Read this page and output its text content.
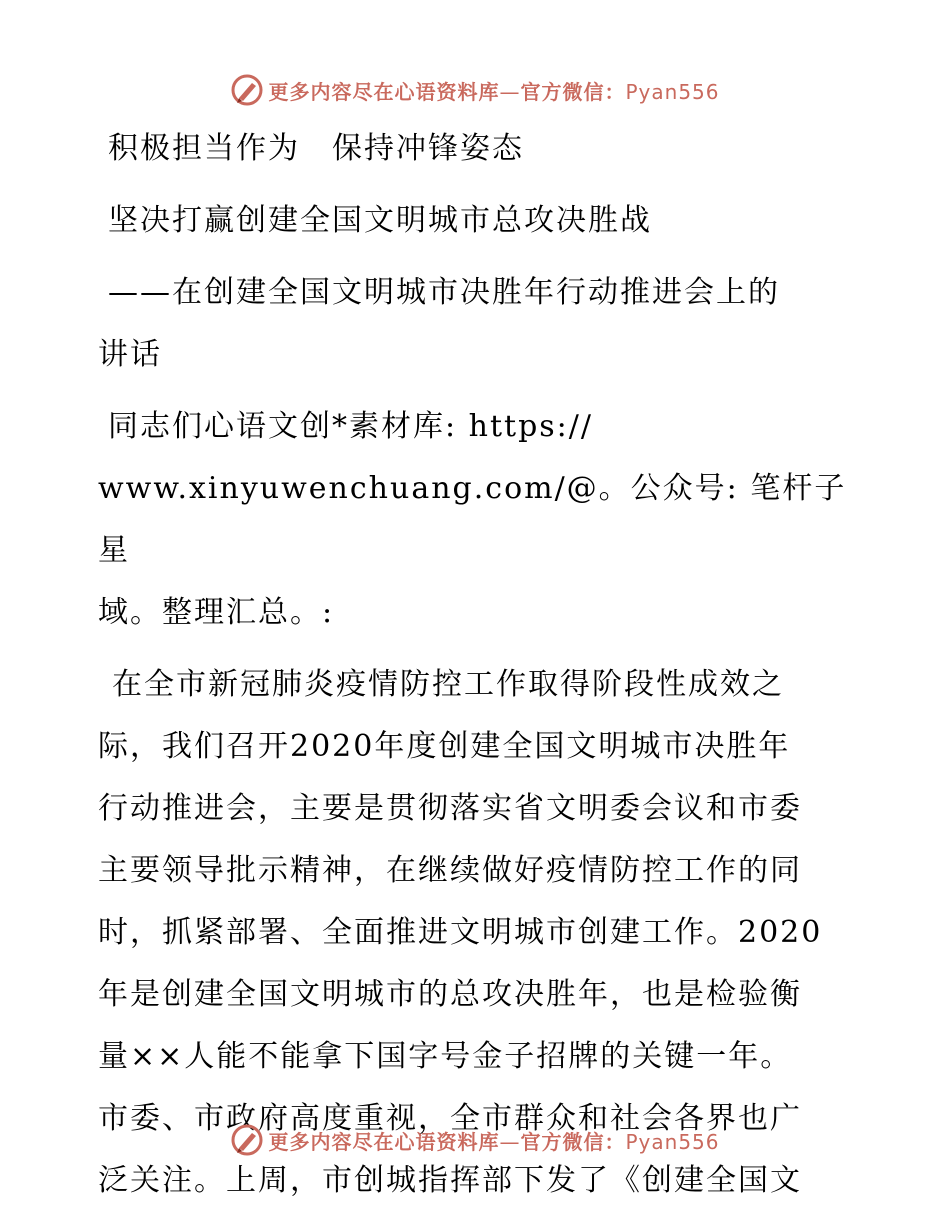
更多内容尽在心语资料库—官方微信：Pyan556

积极担当作为　保持冲锋姿态

坚决打赢创建全国文明城市总攻决胜战

——在创建全国文明城市决胜年行动推进会上的

讲话

同志们心语文创*素材库: https://

www.xinyuwenchuang.com/@。公众号: 笔杆子星

域。整理汇总。:

在全市新冠肺炎疫情防控工作取得阶段性成效之

际，我们召开2020年度创建全国文明城市决胜年

行动推进会，主要是贯彻落实省文明委会议和市委

主要领导批示精神，在继续做好疫情防控工作的同

时，抓紧部署、全面推进文明城市创建工作。2020

年是创建全国文明城市的总攻决胜年，也是检验衡

量××人能不能拿下国字号金子招牌的关键一年。

市委、市政府高度重视，全市群众和社会各界也广

泛关注。上周，市创城指挥部下发了《创建全国文

更多内容尽在心语资料库—官方微信：Pyan556
